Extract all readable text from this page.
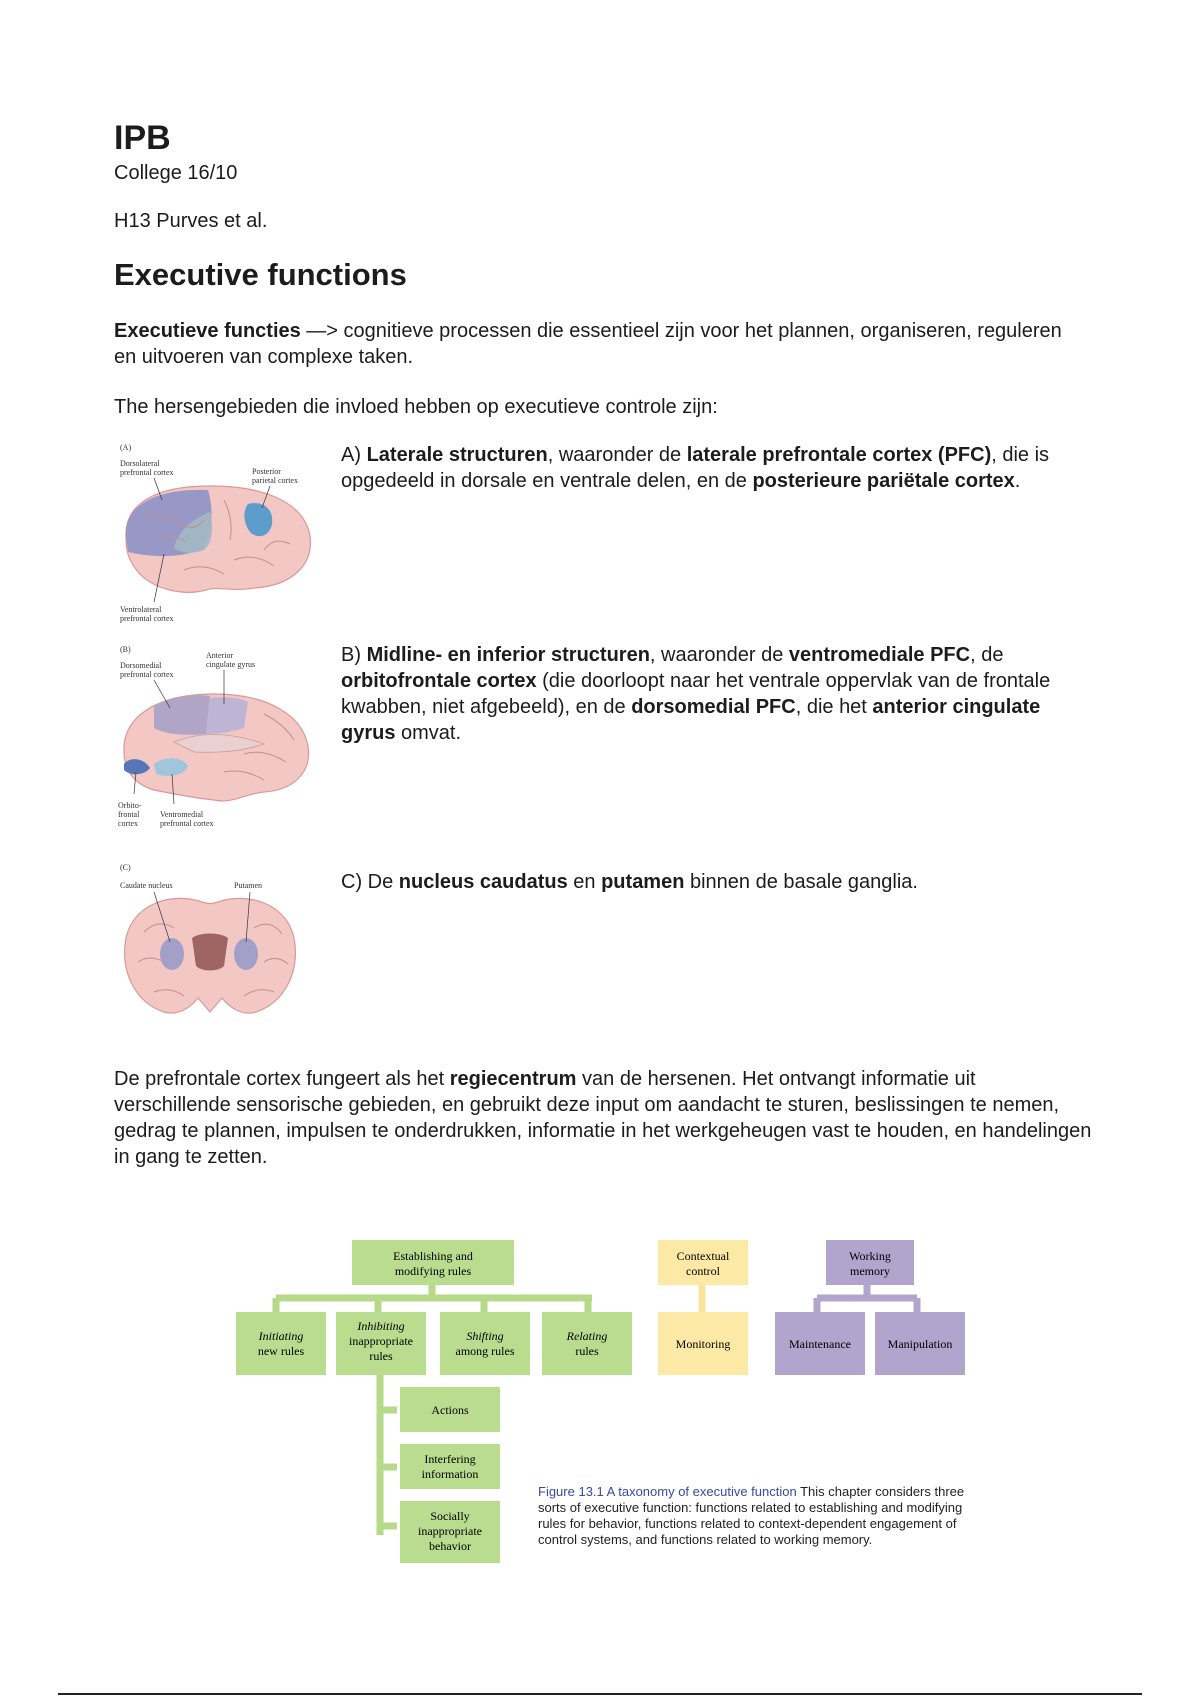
IPB
College 16/10
H13 Purves et al.
Executive functions
Executieve functies —> cognitieve processen die essentieel zijn voor het plannen, organiseren, reguleren en uitvoeren van complexe taken.
The hersengebieden die invloed hebben op executieve controle zijn:
(A)
Dorsolateral
prefrontal cortex	Posterior
parietal cortex
Ventrolateral
prefrontal cortex
A) Laterale structuren, waaronder de laterale prefrontale cortex (PFC), die is opgedeeld in dorsale en ventrale delen, en de posterieure pariëtale cortex.
(B)
Dorsomedial
prefrontal cortex
Anterior
cingulate gyrus
Orbito-
frontal
cortex
Ventromedial
prefrontal cortex
B) Midline- en inferior structuren, waaronder de ventromediale PFC, de orbitofrontale cortex (die doorloopt naar het ventrale oppervlak van de frontale kwabben, niet afgebeeld), en de dorsomedial PFC, die het anterior cingulate gyrus omvat.
(C)
Caudate nucleus	Putamen	C) De nucleus caudatus en putamen binnen de basale ganglia.
De prefrontale cortex fungeert als het regiecentrum van de hersenen. Het ontvangt informatie uit verschillende sensorische gebieden, en gebruikt deze input om aandacht te sturen, beslissingen te nemen, gedrag te plannen, impulsen te onderdrukken, informatie in het werkgeheugen vast te houden, en handelingen in gang te zetten.
Establishing and
modifying rules
Initiating
new rules
Inhibiting
inappropriate
rules
Shifting
among rules
Relating
rules
Actions
Interfering
information
Socially
inappropriate
behavior
Contextual
control
Monitoring
Working
memory
Maintenance	Manipulation
Figure 13.1 A taxonomy of executive function This chapter considers three sorts of executive function: functions related to establishing and modifying rules for behavior, functions related to context-dependent engagement of control systems, and functions related to working memory.
